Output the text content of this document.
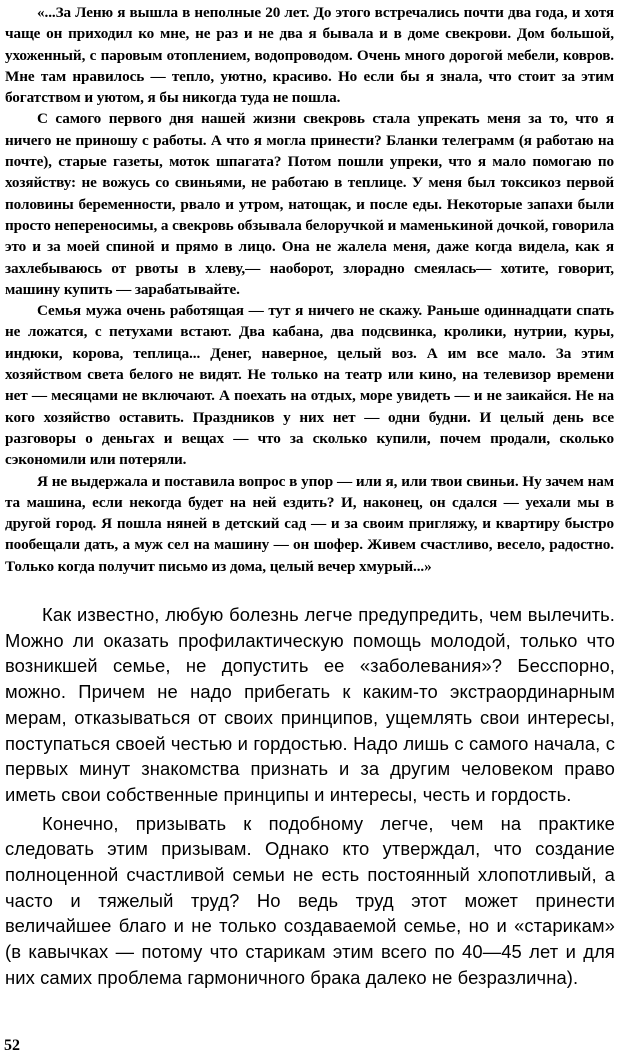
«...За Леню я вышла в неполные 20 лет. До этого встречались почти два года, и хотя чаще он приходил ко мне, не раз и не два я бывала и в доме свекрови. Дом большой, ухоженный, с паровым отоплением, водопроводом. Очень много дорогой мебели, ковров. Мне там нравилось — тепло, уютно, красиво. Но если бы я знала, что стоит за этим богатством и уютом, я бы никогда туда не пошла.

С самого первого дня нашей жизни свекровь стала упрекать меня за то, что я ничего не приношу с работы. А что я могла принести? Бланки телеграмм (я работаю на почте), старые газеты, моток шпагата? Потом пошли упреки, что я мало помогаю по хозяйству: не вожусь со свиньями, не работаю в теплице. У меня был токсикоз первой половины беременности, рвало и утром, натощак, и после еды. Некоторые запахи были просто непереносимы, а свекровь обзывала белоручкой и маменькиной дочкой, говорила это и за моей спиной и прямо в лицо. Она не жалела меня, даже когда видела, как я захлебываюсь от рвоты в хлеву,— наоборот, злорадно смеялась— хотите, говорит, машину купить — зарабатывайте.

Семья мужа очень работящая — тут я ничего не скажу. Раньше одиннадцати спать не ложатся, с петухами встают. Два кабана, два подсвинка, кролики, нутрии, куры, индюки, корова, теплица... Денег, наверное, целый воз. А им все мало. За этим хозяйством света белого не видят. Не только на театр или кино, на телевизор времени нет — месяцами не включают. А поехать на отдых, море увидеть — и не заикайся. Не на кого хозяйство оставить. Праздников у них нет — одни будни. И целый день все разговоры о деньгах и вещах — что за сколько купили, почем продали, сколько сэкономили или потеряли.

Я не выдержала и поставила вопрос в упор — или я, или твои свиньи. Ну зачем нам та машина, если некогда будет на ней ездить? И, наконец, он сдался — уехали мы в другой город. Я пошла няней в детский сад — и за своим пригляжу, и квартиру быстро пообещали дать, а муж сел на машину — он шофер. Живем счастливо, весело, радостно. Только когда получит письмо из дома, целый вечер хмурый...»

Как известно, любую болезнь легче предупредить, чем вылечить. Можно ли оказать профилактическую помощь молодой, только что возникшей семье, не допустить ее «заболевания»? Бесспорно, можно. Причем не надо прибегать к каким-то экстраординарным мерам, отказываться от своих принципов, ущемлять свои интересы, поступаться своей честью и гордостью. Надо лишь с самого начала, с первых минут знакомства признать и за другим человеком право иметь свои собственные принципы и интересы, честь и гордость.

Конечно, призывать к подобному легче, чем на практике следовать этим призывам. Однако кто утверждал, что создание полноценной счастливой семьи не есть постоянный хлопотливый, а часто и тяжелый труд? Но ведь труд этот может принести величайшее благо и не только создаваемой семье, но и «старикам» (в кавычках — потому что старикам этим всего по 40—45 лет и для них самих проблема гармоничного брака далеко не безразлична).

52
